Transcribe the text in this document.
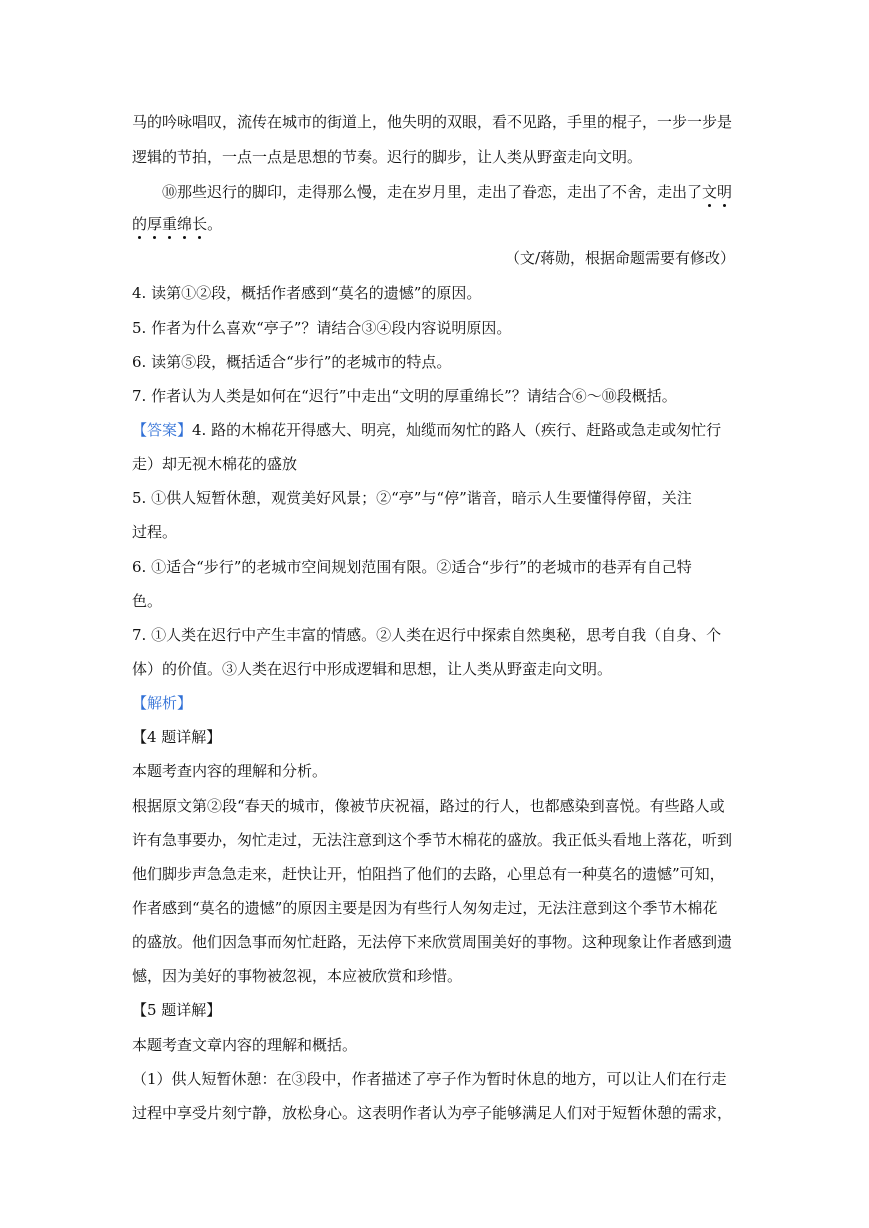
马的吟咏唱叹，流传在城市的街道上，他失明的双眼，看不见路，手里的棍子，一步一步是
逻辑的节拍，一点一点是思想的节奏。迟行的脚步，让人类从野蛮走向文明。
⑩那些迟行的脚印，走得那么慢，走在岁月里，走出了眷恋，走出了不舍，走出了文明
的厚重绵长。
（文/蒋勋，根据命题需要有修改）
4. 读第①②段，概括作者感到“莫名的遗憾”的原因。
5. 作者为什么喜欢“亭子”？请结合③④段内容说明原因。
6. 读第⑤段，概括适合“步行”的老城市的特点。
7. 作者认为人类是如何在“迟行”中走出“文明的厚重绵长”？请结合⑥～⑩段概括。
【答案】4. 路的木棉花开得感大、明亮，灿缆而匆忙的路人（疾行、赶路或急走或匆忙行
走）却无视木棉花的盛放
5. ①供人短暂休憩，观赏美好风景；②“亭”与“停”谐音，暗示人生要懂得停留，关注
过程。
6. ①适合“步行”的老城市空间规划范围有限。②适合“步行”的老城市的巷弄有自己特
色。
7. ①人类在迟行中产生丰富的情感。②人类在迟行中探索自然奥秘，思考自我（自身、个
体）的价值。③人类在迟行中形成逻辑和思想，让人类从野蛮走向文明。
【解析】
【4 题详解】
本题考查内容的理解和分析。
根据原文第②段“春天的城市，像被节庆祝福，路过的行人，也都感染到喜悦。有些路人或
许有急事要办，匆忙走过，无法注意到这个季节木棉花的盛放。我正低头看地上落花，听到
他们脚步声急急走来，赶快让开，怕阻挡了他们的去路，心里总有一种莫名的遗憾”可知，
作者感到“莫名的遗憾”的原因主要是因为有些行人匆匆走过，无法注意到这个季节木棉花
的盛放。他们因急事而匆忙赶路，无法停下来欣赏周围美好的事物。这种现象让作者感到遗
憾，因为美好的事物被忽视，本应被欣赏和珍惜。
【5 题详解】
本题考查文章内容的理解和概括。
（1）供人短暂休憩：在③段中，作者描述了亭子作为暂时休息的地方，可以让人们在行走
过程中享受片刻宁静，放松身心。这表明作者认为亭子能够满足人们对于短暂休憩的需求，
